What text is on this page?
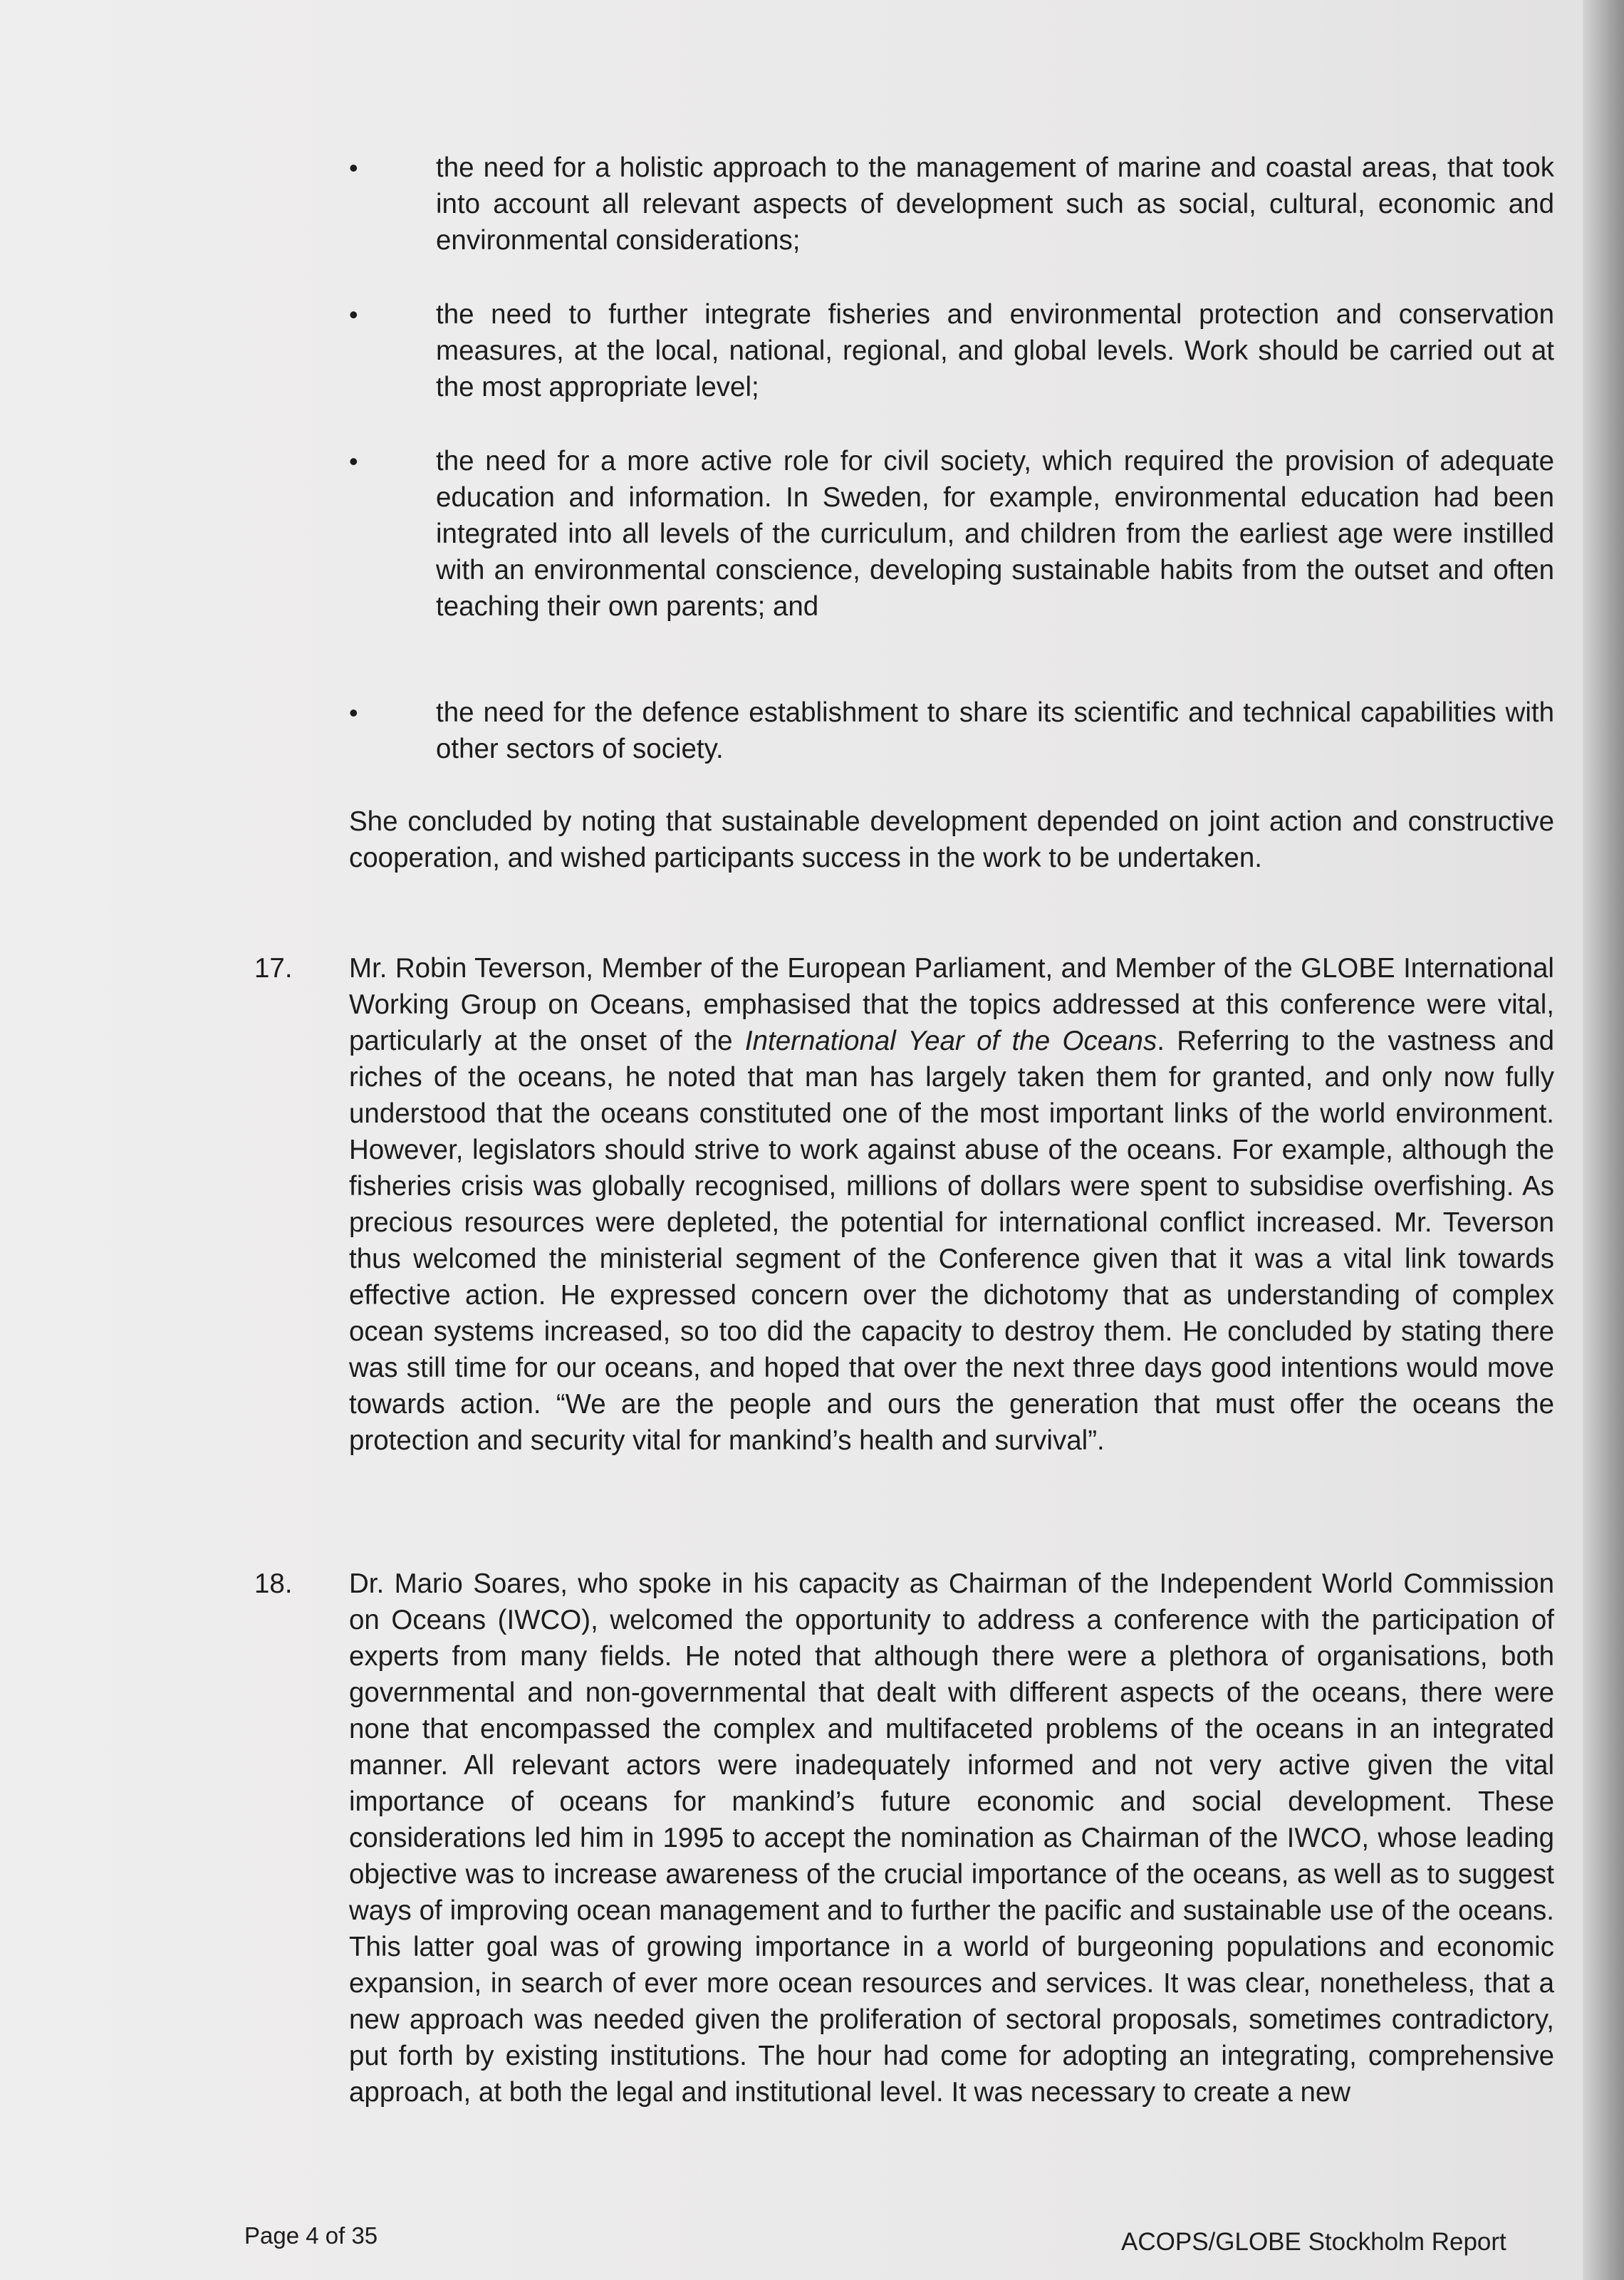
•	the need for a holistic approach to the management of marine and coastal areas, that took into account all relevant aspects of development such as social, cultural, economic and environmental considerations;
•	the need to further integrate fisheries and environmental protection and conservation measures, at the local, national, regional, and global levels. Work should be carried out at the most appropriate level;
•	the need for a more active role for civil society, which required the provision of adequate education and information. In Sweden, for example, environmental education had been integrated into all levels of the curriculum, and children from the earliest age were instilled with an environmental conscience, developing sustainable habits from the outset and often teaching their own parents; and
•	the need for the defence establishment to share its scientific and technical capabilities with other sectors of society.
She concluded by noting that sustainable development depended on joint action and constructive cooperation, and wished participants success in the work to be undertaken.
17.	Mr. Robin Teverson, Member of the European Parliament, and Member of the GLOBE International Working Group on Oceans, emphasised that the topics addressed at this conference were vital, particularly at the onset of the International Year of the Oceans. Referring to the vastness and riches of the oceans, he noted that man has largely taken them for granted, and only now fully understood that the oceans constituted one of the most important links of the world environment. However, legislators should strive to work against abuse of the oceans. For example, although the fisheries crisis was globally recognised, millions of dollars were spent to subsidise overfishing. As precious resources were depleted, the potential for international conflict increased. Mr. Teverson thus welcomed the ministerial segment of the Conference given that it was a vital link towards effective action. He expressed concern over the dichotomy that as understanding of complex ocean systems increased, so too did the capacity to destroy them. He concluded by stating there was still time for our oceans, and hoped that over the next three days good intentions would move towards action. “We are the people and ours the generation that must offer the oceans the protection and security vital for mankind’s health and survival”.
18.	Dr. Mario Soares, who spoke in his capacity as Chairman of the Independent World Commission on Oceans (IWCO), welcomed the opportunity to address a conference with the participation of experts from many fields. He noted that although there were a plethora of organisations, both governmental and non-governmental that dealt with different aspects of the oceans, there were none that encompassed the complex and multifaceted problems of the oceans in an integrated manner. All relevant actors were inadequately informed and not very active given the vital importance of oceans for mankind’s future economic and social development. These considerations led him in 1995 to accept the nomination as Chairman of the IWCO, whose leading objective was to increase awareness of the crucial importance of the oceans, as well as to suggest ways of improving ocean management and to further the pacific and sustainable use of the oceans. This latter goal was of growing importance in a world of burgeoning populations and economic expansion, in search of ever more ocean resources and services. It was clear, nonetheless, that a new approach was needed given the proliferation of sectoral proposals, sometimes contradictory, put forth by existing institutions. The hour had come for adopting an integrating, comprehensive approach, at both the legal and institutional level. It was necessary to create a new
Page 4 of 35	ACOPS/GLOBE Stockholm Report
